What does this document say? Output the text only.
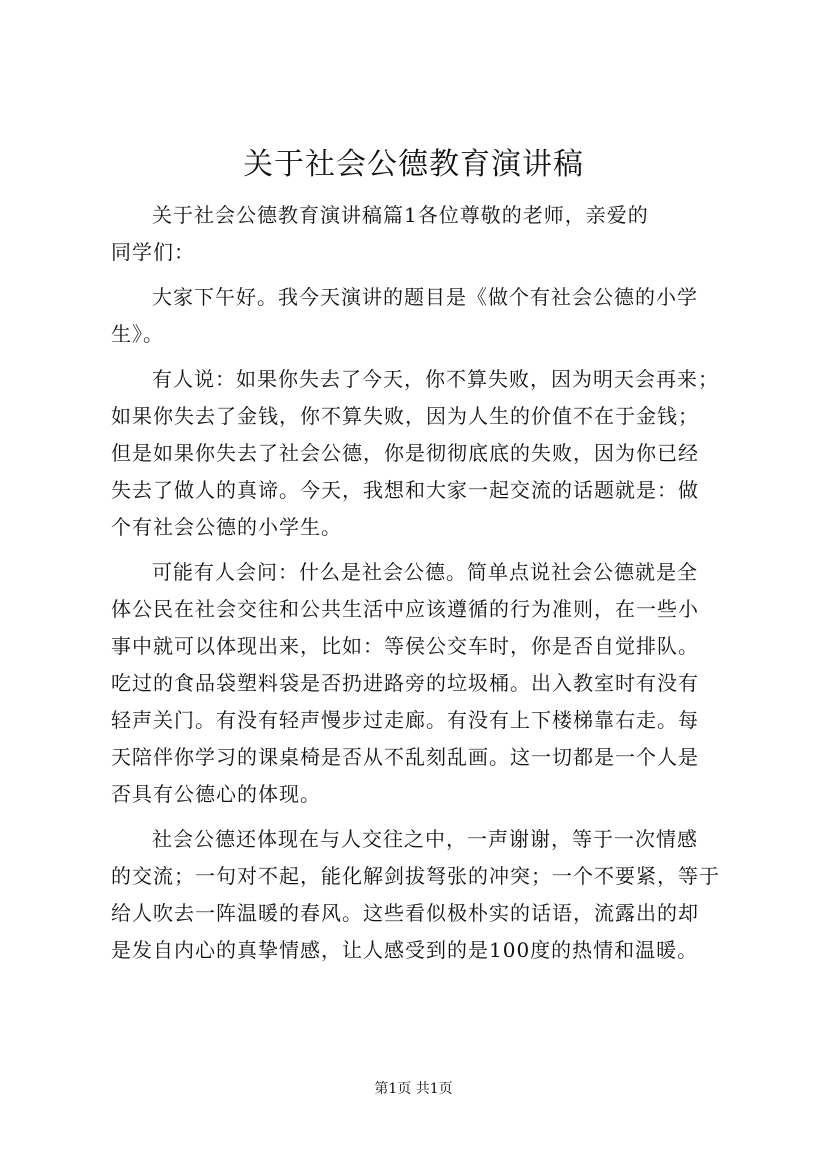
关于社会公德教育演讲稿
关于社会公德教育演讲稿篇1各位尊敬的老师，亲爱的
同学们：
大家下午好。我今天演讲的题目是《做个有社会公德的小学
生》。
有人说：如果你失去了今天，你不算失败，因为明天会再来；
如果你失去了金钱，你不算失败，因为人生的价值不在于金钱；
但是如果你失去了社会公德，你是彻彻底底的失败，因为你已经
失去了做人的真谛。今天，我想和大家一起交流的话题就是：做
个有社会公德的小学生。
可能有人会问：什么是社会公德。简单点说社会公德就是全
体公民在社会交往和公共生活中应该遵循的行为准则，在一些小
事中就可以体现出来，比如：等侯公交车时，你是否自觉排队。
吃过的食品袋塑料袋是否扔进路旁的垃圾桶。出入教室时有没有
轻声关门。有没有轻声慢步过走廊。有没有上下楼梯靠右走。每
天陪伴你学习的课桌椅是否从不乱刻乱画。这一切都是一个人是
否具有公德心的体现。
社会公德还体现在与人交往之中，一声谢谢，等于一次情感
的交流；一句对不起，能化解剑拔弩张的冲突；一个不要紧，等于
给人吹去一阵温暖的春风。这些看似极朴实的话语，流露出的却
是发自内心的真挚情感，让人感受到的是100度的热情和温暖。
第1页 共1页
